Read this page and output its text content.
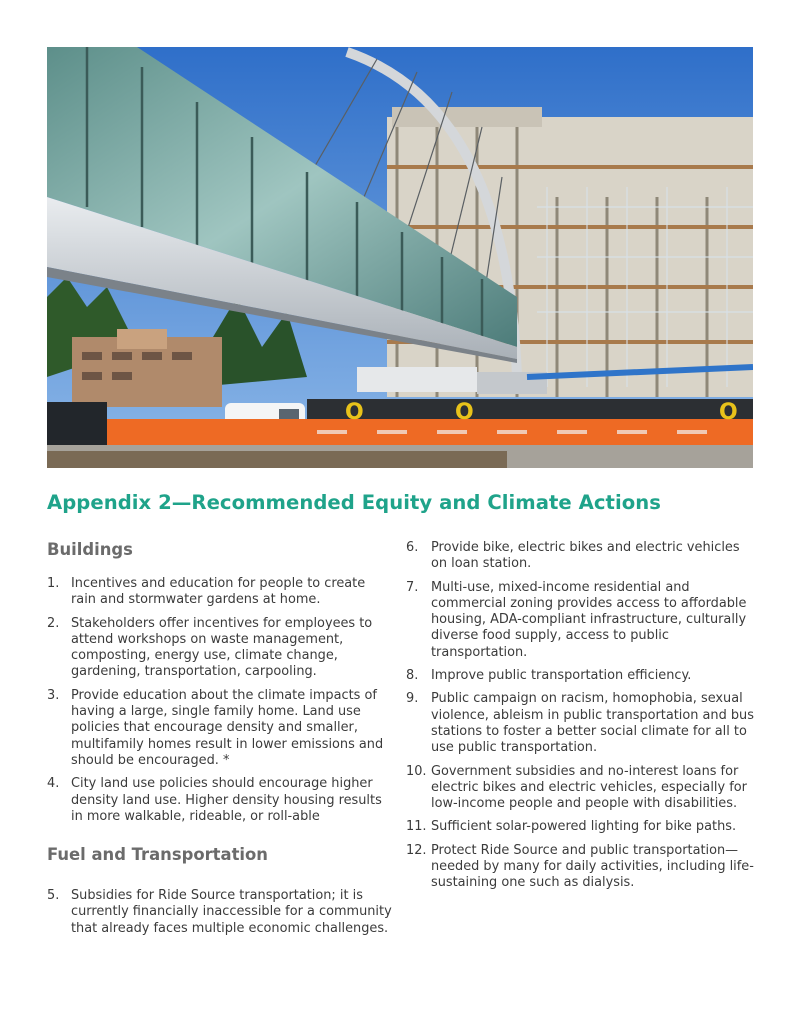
O	O	O
Appendix 2—Recommended Equity and Climate Actions
Buildings
1. Incentives and education for people to create rain and stormwater gardens at home.
2. Stakeholders offer incentives for employees to attend workshops on waste management, composting, energy use, climate change, gardening, transportation, carpooling.
3. Provide education about the climate impacts of having a large, single family home. Land use policies that encourage density and smaller, multifamily homes result in lower emissions and should be encouraged. *
4. City land use policies should encourage higher density land use. Higher density housing results in more walkable, rideable, or roll-able
Fuel and Transportation
5. Subsidies for Ride Source transportation; it is currently financially inaccessible for a community that already faces multiple economic challenges.
6. Provide bike, electric bikes and electric vehicles on loan station.
7. Multi-use, mixed-income residential and commercial zoning provides access to affordable housing, ADA-compliant infrastructure, culturally diverse food supply, access to public transportation.
8. Improve public transportation efficiency.
9. Public campaign on racism, homophobia, sexual violence, ableism in public transportation and bus stations to foster a better social climate for all to use public transportation.
10. Government subsidies and no-interest loans for electric bikes and electric vehicles, especially for low-income people and people with disabilities.
11. Sufficient solar-powered lighting for bike paths.
12. Protect Ride Source and public transportation—needed by many for daily activities, including life-sustaining one such as dialysis.
